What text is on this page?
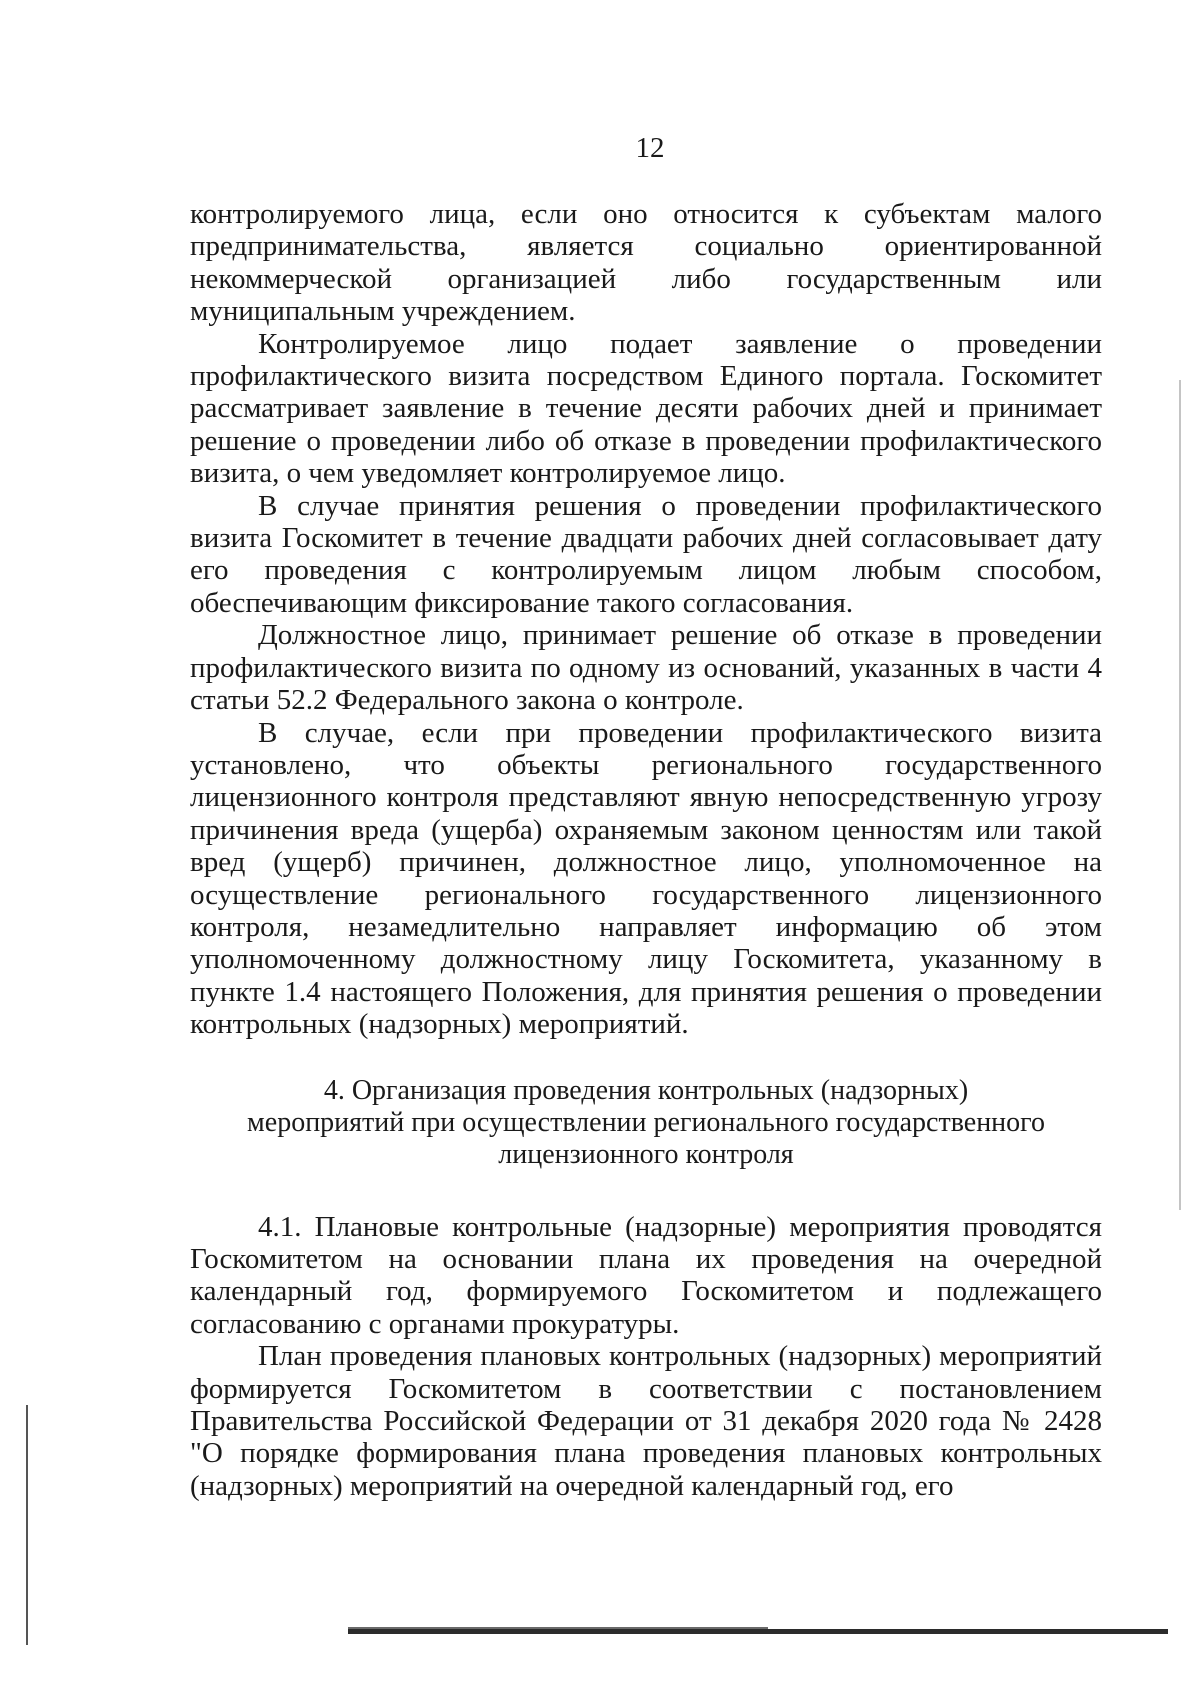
12

контролируемого лица, если оно относится к субъектам малого предпринимательства, является социально ориентированной некоммерческой организацией либо государственным или муниципальным учреждением.

Контролируемое лицо подает заявление о проведении профилактического визита посредством Единого портала. Госкомитет рассматривает заявление в течение десяти рабочих дней и принимает решение о проведении либо об отказе в проведении профилактического визита, о чем уведомляет контролируемое лицо.

В случае принятия решения о проведении профилактического визита Госкомитет в течение двадцати рабочих дней согласовывает дату его проведения с контролируемым лицом любым способом, обеспечивающим фиксирование такого согласования.

Должностное лицо, принимает решение об отказе в проведении профилактического визита по одному из оснований, указанных в части 4 статьи 52.2 Федерального закона о контроле.

В случае, если при проведении профилактического визита установлено, что объекты регионального государственного лицензионного контроля представляют явную непосредственную угрозу причинения вреда (ущерба) охраняемым законом ценностям или такой вред (ущерб) причинен, должностное лицо, уполномоченное на осуществление регионального государственного лицензионного контроля, незамедлительно направляет информацию об этом уполномоченному должностному лицу Госкомитета, указанному в пункте 1.4 настоящего Положения, для принятия решения о проведении контрольных (надзорных) мероприятий.

4. Организация проведения контрольных (надзорных)
мероприятий при осуществлении регионального государственного
лицензионного контроля

4.1. Плановые контрольные (надзорные) мероприятия проводятся Госкомитетом на основании плана их проведения на очередной календарный год, формируемого Госкомитетом и подлежащего согласованию с органами прокуратуры.

План проведения плановых контрольных (надзорных) мероприятий формируется Госкомитетом в соответствии с постановлением Правительства Российской Федерации от 31 декабря 2020 года № 2428 "О порядке формирования плана проведения плановых контрольных (надзорных) мероприятий на очередной календарный год, его
